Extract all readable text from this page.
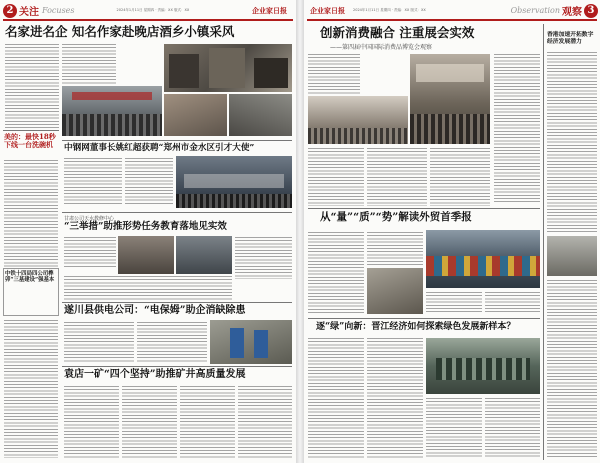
2 关注 Focuses	2024年1月11日 星期四 · 责编：XX 版式：XX	企业家日报
名家进名企 知名作家赴晚店酒乡小镇采风
美的：最快18秒下线一台洗碗机	中钢网董事长姚红超获聘“郑州市金水区引才大使”
甘肃公司天水教修中心
“三举措”助推形势任务教育落地见实效
遂川县供电公司：“电保姆”助企消缺除患
中铁十四局四公司榫卯“三基建设”强基本
袁店一矿“四个坚持”助推矿井高质量发展
企业家日报 2024年1月11日 星期四 · 责编：XX 版式：XX	Observation 观察 3
创新消费融合 注重展会实效
——第四届中国国际消费品博览会观察
香港加速开拓数字经济发展潜力
从“量”“质”“势”解读外贸首季报
逐“绿”向新：晋江经济如何探索绿色发展新样本？
